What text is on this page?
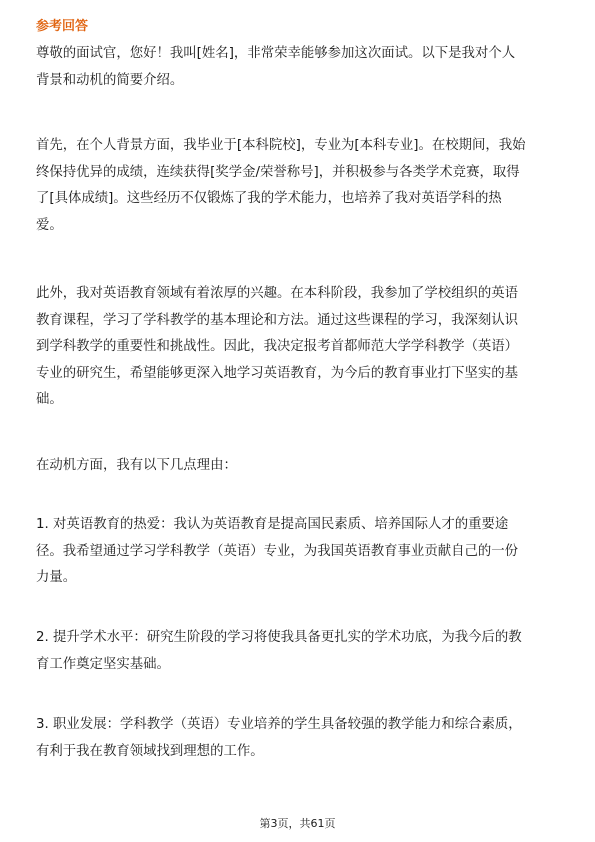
参考回答
尊敬的面试官，您好！我叫[姓名]，非常荣幸能够参加这次面试。以下是我对个人
背景和动机的简要介绍。
首先，在个人背景方面，我毕业于[本科院校]，专业为[本科专业]。在校期间，我始
终保持优异的成绩，连续获得[奖学金/荣誉称号]，并积极参与各类学术竞赛，取得
了[具体成绩]。这些经历不仅锻炼了我的学术能力，也培养了我对英语学科的热
爱。
此外，我对英语教育领域有着浓厚的兴趣。在本科阶段，我参加了学校组织的英语
教育课程，学习了学科教学的基本理论和方法。通过这些课程的学习，我深刻认识
到学科教学的重要性和挑战性。因此，我决定报考首都师范大学学科教学（英语）
专业的研究生，希望能够更深入地学习英语教育，为今后的教育事业打下坚实的基
础。
在动机方面，我有以下几点理由：
1. 对英语教育的热爱：我认为英语教育是提高国民素质、培养国际人才的重要途
径。我希望通过学习学科教学（英语）专业，为我国英语教育事业贡献自己的一份
力量。
2. 提升学术水平：研究生阶段的学习将使我具备更扎实的学术功底，为我今后的教
育工作奠定坚实基础。
3. 职业发展：学科教学（英语）专业培养的学生具备较强的教学能力和综合素质，
有利于我在教育领域找到理想的工作。
第3页，共61页
